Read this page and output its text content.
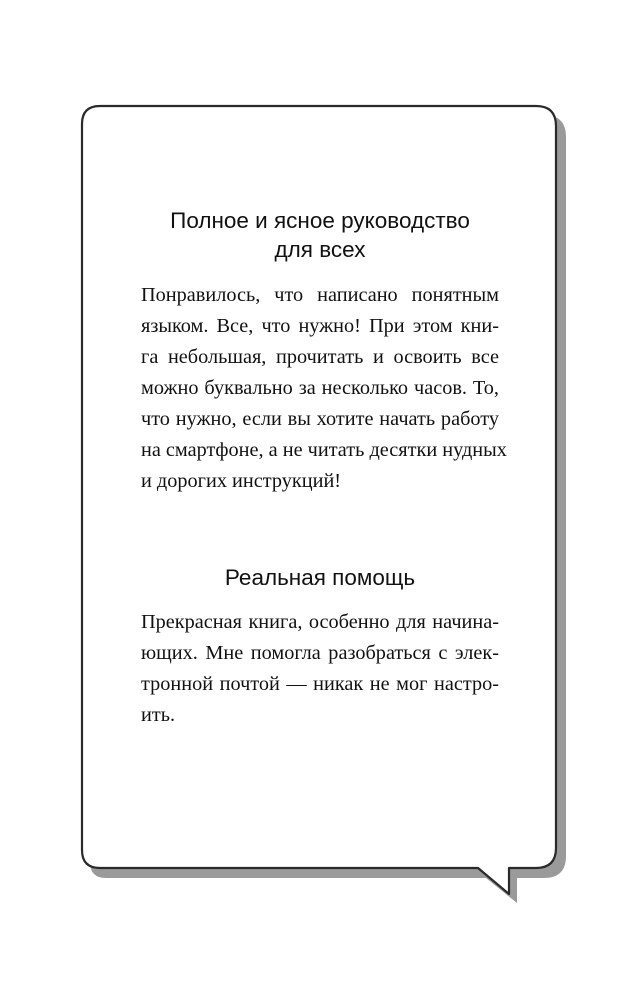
Полное и ясное руководство
для всех

Понравилось, что написано понятным
языком. Все, что нужно! При этом кни-
га небольшая, прочитать и освоить все
можно буквально за несколько часов. То,
что нужно, если вы хотите начать работу
на смартфоне, а не читать десятки нудных
и дорогих инструкций!

Реальная помощь

Прекрасная книга, особенно для начина-
ющих. Мне помогла разобраться с элек-
тронной почтой — никак не мог настро-
ить.
